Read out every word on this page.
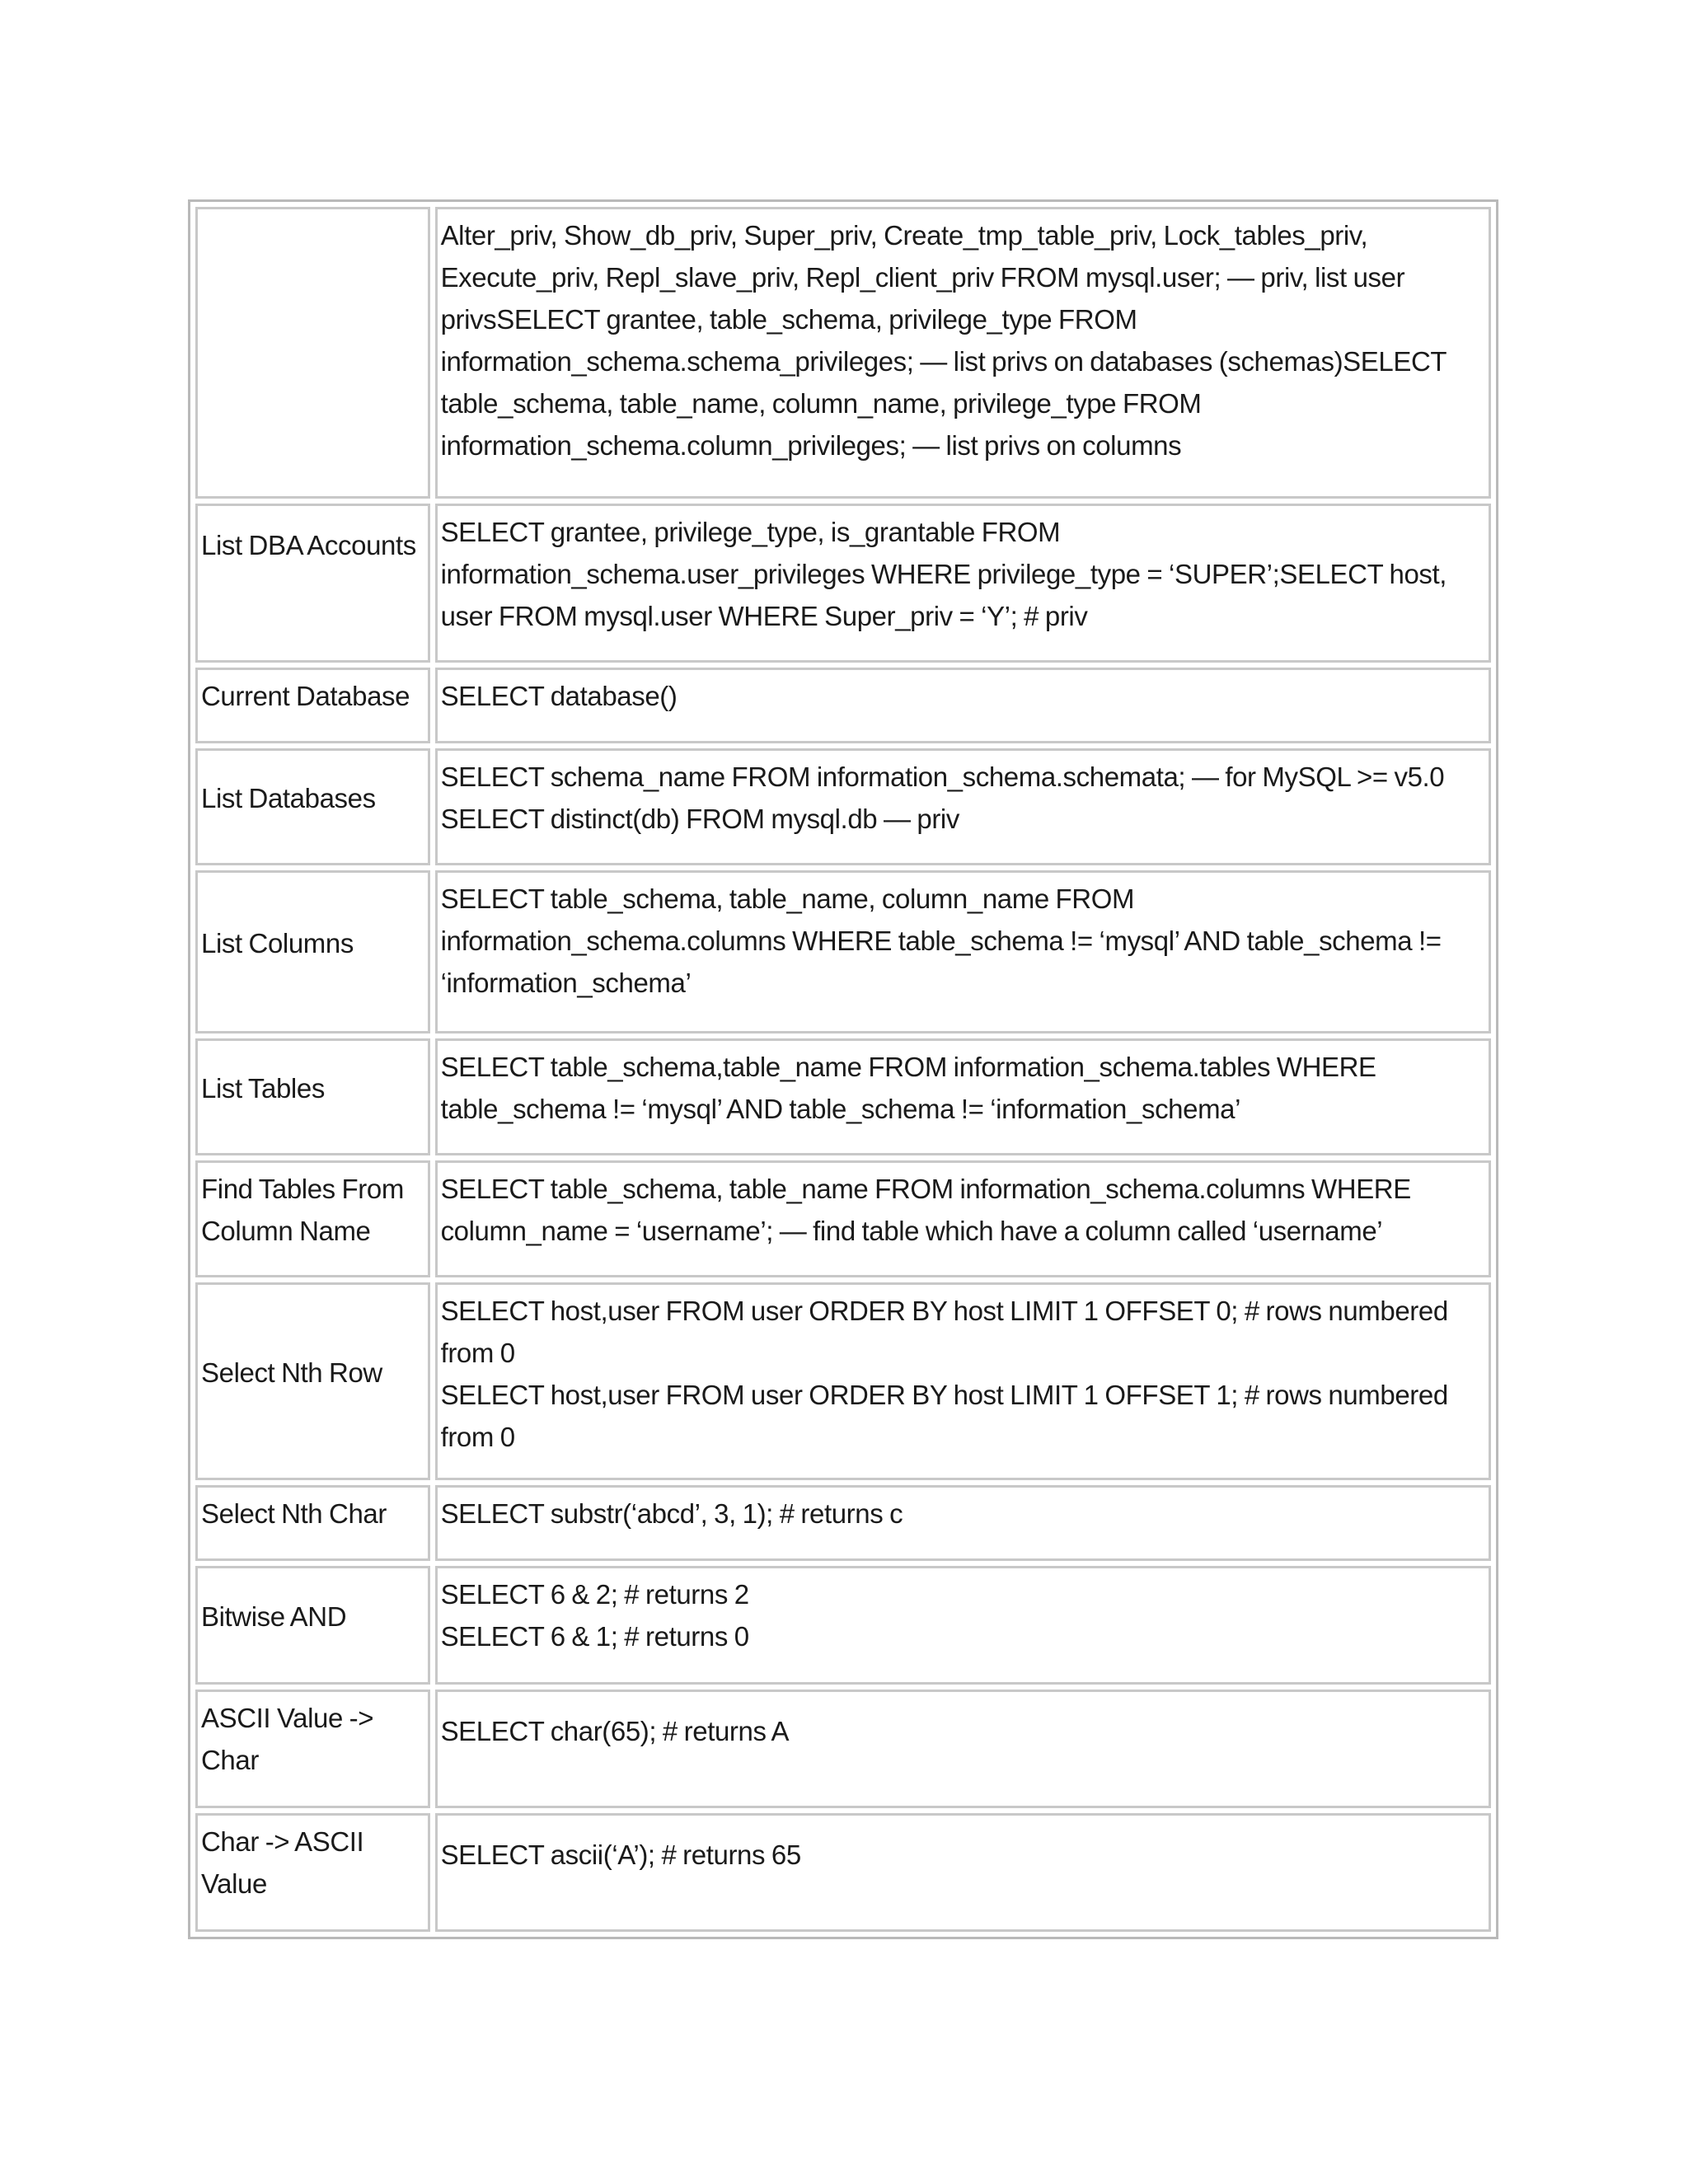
	Alter_priv, Show_db_priv, Super_priv, Create_tmp_table_priv, Lock_tables_priv, Execute_priv, Repl_slave_priv, Repl_client_priv FROM mysql.user; — priv, list user privsSELECT grantee, table_schema, privilege_type FROM information_schema.schema_privileges; — list privs on databases (schemas)SELECT table_schema, table_name, column_name, privilege_type FROM information_schema.column_privileges; — list privs on columns

List DBA Accounts	SELECT grantee, privilege_type, is_grantable FROM information_schema.user_privileges WHERE privilege_type = ‘SUPER’;SELECT host, user FROM mysql.user WHERE Super_priv = ‘Y’; # priv

Current Database	SELECT database()

List Databases	SELECT schema_name FROM information_schema.schemata; — for MySQL >= v5.0
SELECT distinct(db) FROM mysql.db — priv

List Columns	SELECT table_schema, table_name, column_name FROM information_schema.columns WHERE table_schema != ‘mysql’ AND table_schema != ‘information_schema’

List Tables	SELECT table_schema,table_name FROM information_schema.tables WHERE table_schema != ‘mysql’ AND table_schema != ‘information_schema’

Find Tables From Column Name	SELECT table_schema, table_name FROM information_schema.columns WHERE column_name = ‘username’; — find table which have a column called ‘username’

Select Nth Row	SELECT host,user FROM user ORDER BY host LIMIT 1 OFFSET 0; # rows numbered from 0
SELECT host,user FROM user ORDER BY host LIMIT 1 OFFSET 1; # rows numbered from 0

Select Nth Char	SELECT substr(‘abcd’, 3, 1); # returns c

Bitwise AND	SELECT 6 & 2; # returns 2
SELECT 6 & 1; # returns 0

ASCII Value -> Char	SELECT char(65); # returns A

Char -> ASCII Value	SELECT ascii(‘A’); # returns 65
